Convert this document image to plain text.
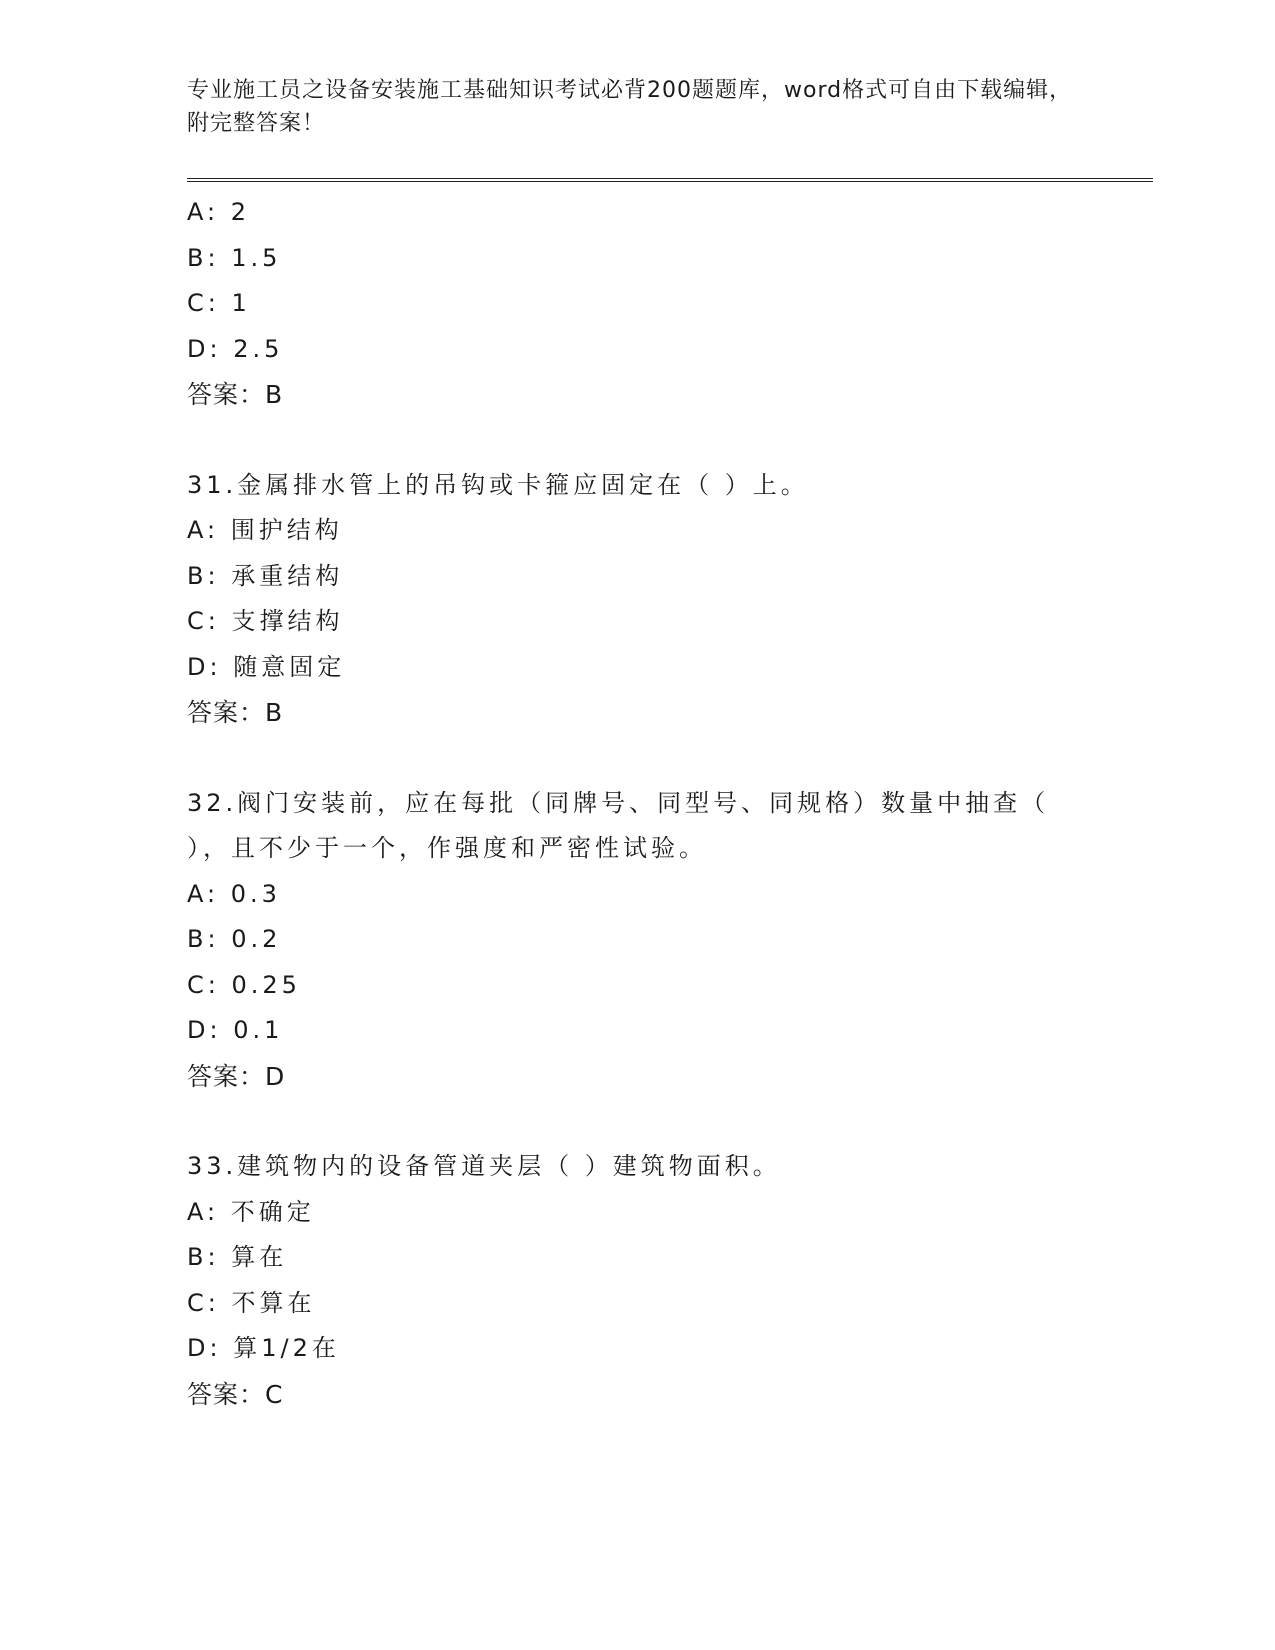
专业施工员之设备安装施工基础知识考试必背200题题库，word格式可自由下载编辑，附完整答案！
A: 2
B: 1.5
C: 1
D: 2.5
答案：B
31.金属排水管上的吊钩或卡箍应固定在（ ）上。
A: 围护结构
B: 承重结构
C: 支撑结构
D: 随意固定
答案：B
32.阀门安装前，应在每批（同牌号、同型号、同规格）数量中抽查（ ），且不少于一个，作强度和严密性试验。
A: 0.3
B: 0.2
C: 0.25
D: 0.1
答案：D
33.建筑物内的设备管道夹层（ ）建筑物面积。
A: 不确定
B: 算在
C: 不算在
D: 算1/2在
答案：C
